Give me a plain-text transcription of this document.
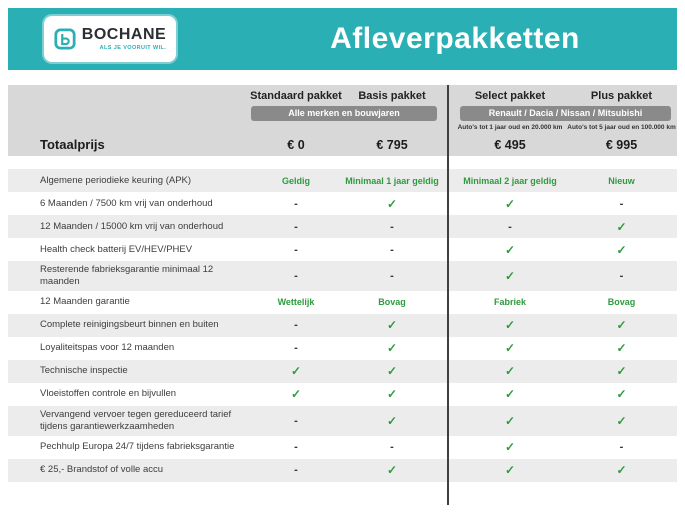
BOCHANE
ALS JE VOORUIT WIL.	Afleverpakketten
Standaard pakket	Basis pakket	Select pakket	Plus pakket
Alle merken en bouwjaren	Renault / Dacia / Nissan / Mitsubishi
Auto's tot 1 jaar oud en 20.000 km Auto's tot 5 jaar oud en 100.000 km
Totaalprijs	€ 0	€ 795	€ 495	€ 995
Algemene periodieke keuring (APK)	Geldig	Minimaal 1 jaar geldig	Minimaal 2 jaar geldig	Nieuw
6 Maanden / 7500 km vrij van onderhoud	-	✓	✓	-
12 Maanden / 15000 km vrij van onderhoud	-	-	-	✓
Health check batterij EV/HEV/PHEV	-	-	✓	✓
Resterende fabrieksgarantie minimaal 12 maanden	-	-	✓	-
12 Maanden garantie	Wettelijk	Bovag	Fabriek	Bovag
Complete reinigingsbeurt binnen en buiten	-	✓	✓	✓
Loyaliteitspas voor 12 maanden	-	✓	✓	✓
Technische inspectie	✓	✓	✓	✓
Vloeistoffen controle en bijvullen	✓	✓	✓	✓
Vervangend vervoer tegen gereduceerd tarief tijdens garantiewerkzaamheden	-	✓	✓	✓
Pechhulp Europa 24/7 tijdens fabrieksgarantie	-	-	✓	-
€ 25,- Brandstof of volle accu	-	✓	✓	✓
